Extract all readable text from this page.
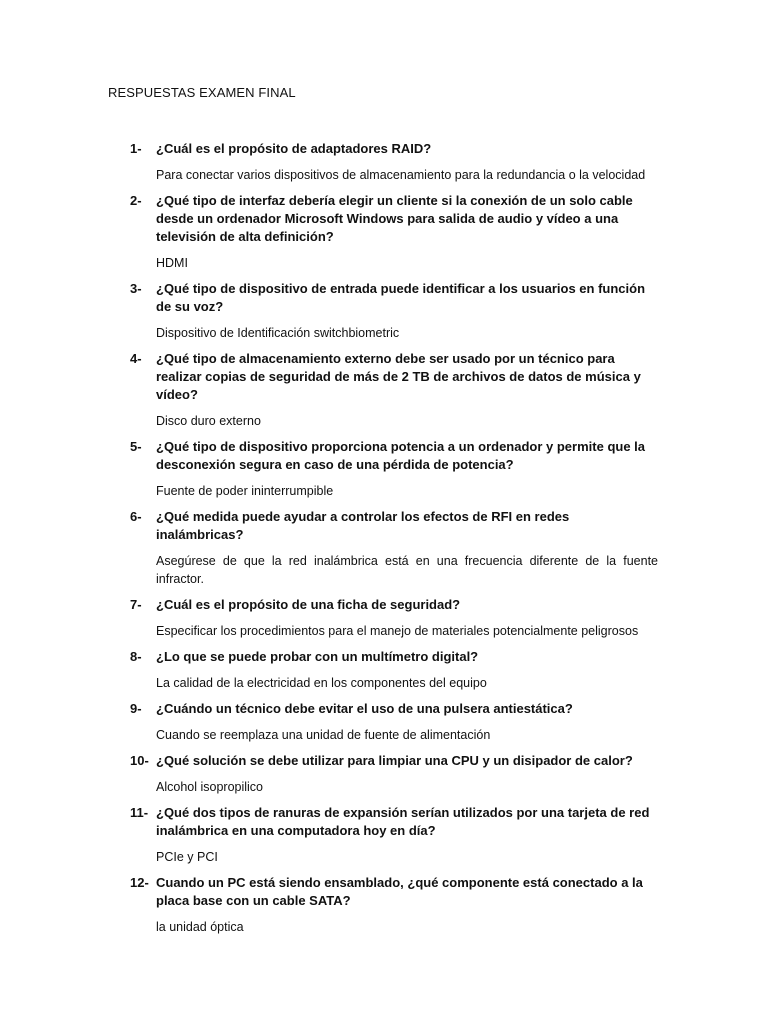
RESPUESTAS EXAMEN FINAL
1- ¿Cuál es el propósito de adaptadores RAID?
Para conectar varios dispositivos de almacenamiento para la redundancia o la velocidad
2- ¿Qué tipo de interfaz debería elegir un cliente si la conexión de un solo cable desde un ordenador Microsoft Windows para salida de audio y vídeo a una televisión de alta definición?
HDMI
3- ¿Qué tipo de dispositivo de entrada puede identificar a los usuarios en función de su voz?
Dispositivo de Identificación switchbiometric
4- ¿Qué tipo de almacenamiento externo debe ser usado por un técnico para realizar copias de seguridad de más de 2 TB de archivos de datos de música y vídeo?
Disco duro externo
5- ¿Qué tipo de dispositivo proporciona potencia a un ordenador y permite que la desconexión segura en caso de una pérdida de potencia?
Fuente de poder ininterrumpible
6- ¿Qué medida puede ayudar a controlar los efectos de RFI en redes inalámbricas?
Asegúrese de que la red inalámbrica está en una frecuencia diferente de la fuente infractor.
7- ¿Cuál es el propósito de una ficha de seguridad?
Especificar los procedimientos para el manejo de materiales potencialmente peligrosos
8- ¿Lo que se puede probar con un multímetro digital?
La calidad de la electricidad en los componentes del equipo
9- ¿Cuándo un técnico debe evitar el uso de una pulsera antiestática?
Cuando se reemplaza una unidad de fuente de alimentación
10- ¿Qué solución se debe utilizar para limpiar una CPU y un disipador de calor?
Alcohol isopropilico
11- ¿Qué dos tipos de ranuras de expansión serían utilizados por una tarjeta de red inalámbrica en una computadora hoy en día?
PCIe y PCI
12- Cuando un PC está siendo ensamblado, ¿qué componente está conectado a la placa base con un cable SATA?
la unidad óptica
